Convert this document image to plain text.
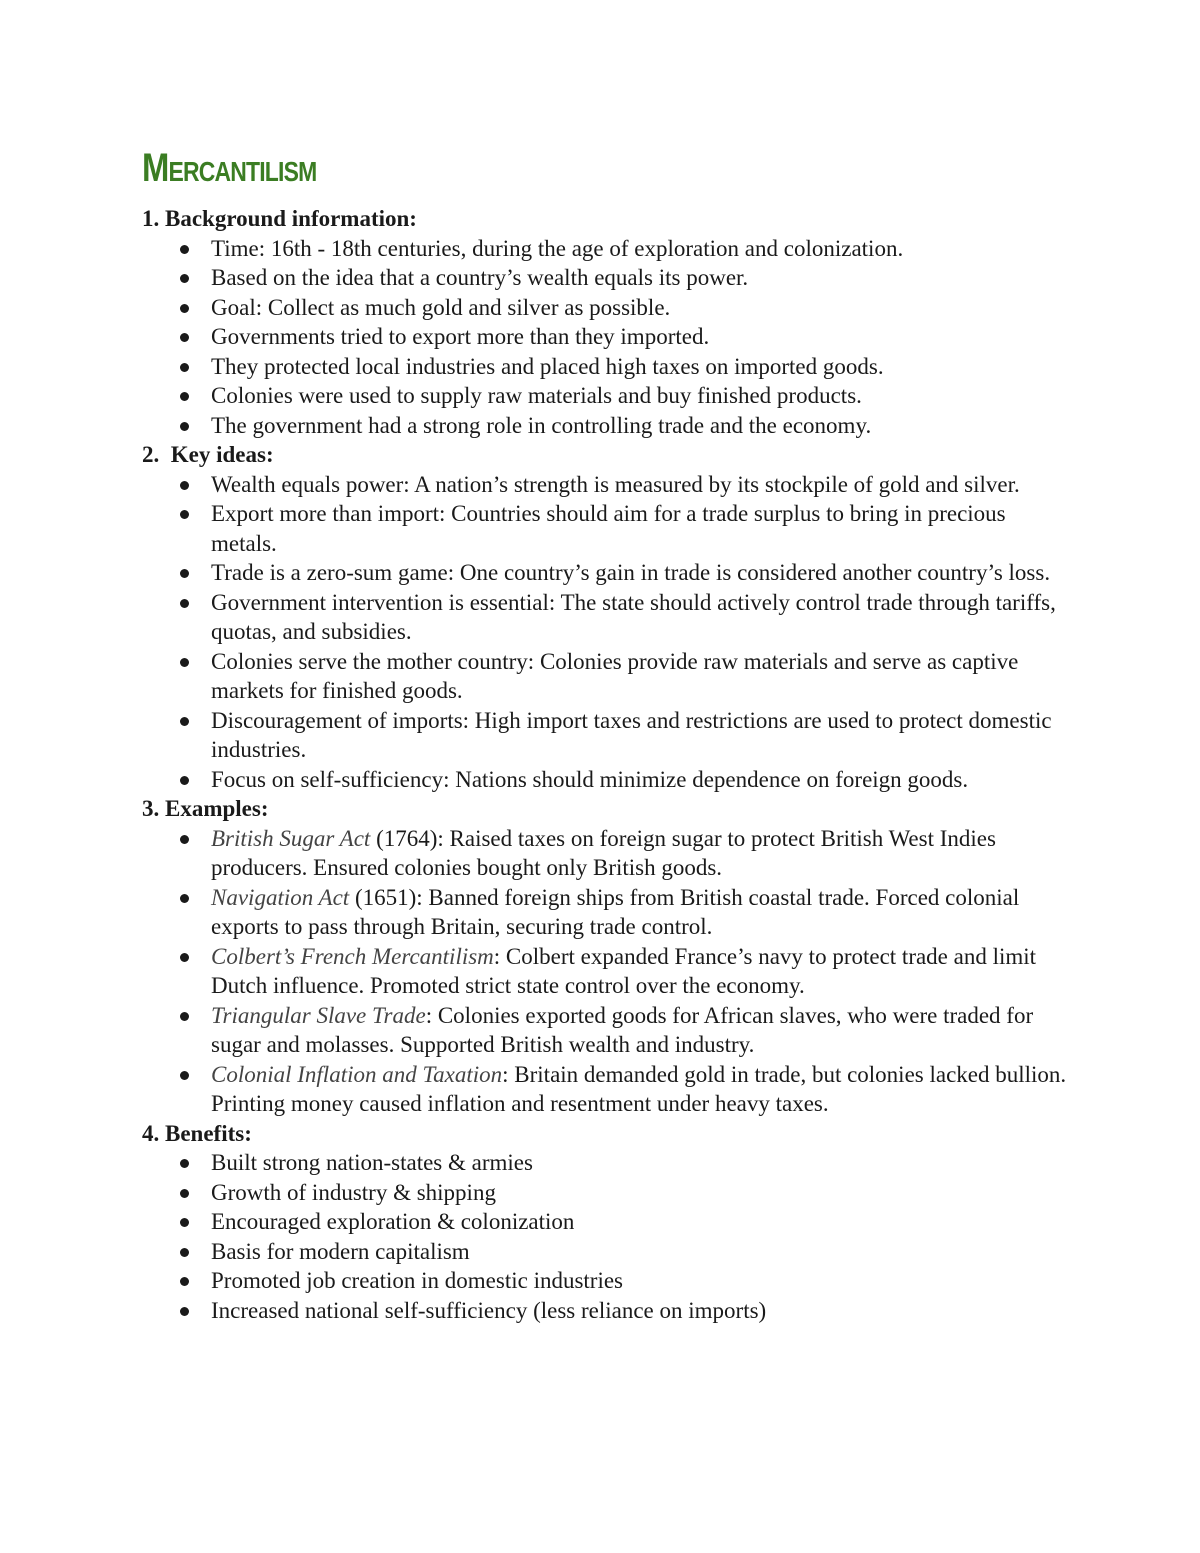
Mercantilism

1. Background information:

Time: 16th - 18th centuries, during the age of exploration and colonization.
Based on the idea that a country’s wealth equals its power.
Goal: Collect as much gold and silver as possible.
Governments tried to export more than they imported.
They protected local industries and placed high taxes on imported goods.
Colonies were used to supply raw materials and buy finished products.
The government had a strong role in controlling trade and the economy.

2.  Key ideas:

Wealth equals power: A nation’s strength is measured by its stockpile of gold and silver.
Export more than import: Countries should aim for a trade surplus to bring in precious metals.
Trade is a zero-sum game: One country’s gain in trade is considered another country’s loss.
Government intervention is essential: The state should actively control trade through tariffs, quotas, and subsidies.
Colonies serve the mother country: Colonies provide raw materials and serve as captive markets for finished goods.
Discouragement of imports: High import taxes and restrictions are used to protect domestic industries.
Focus on self-sufficiency: Nations should minimize dependence on foreign goods.

3. Examples:

British Sugar Act (1764): Raised taxes on foreign sugar to protect British West Indies producers. Ensured colonies bought only British goods.
Navigation Act (1651): Banned foreign ships from British coastal trade. Forced colonial exports to pass through Britain, securing trade control.
Colbert’s French Mercantilism: Colbert expanded France’s navy to protect trade and limit Dutch influence. Promoted strict state control over the economy.
Triangular Slave Trade: Colonies exported goods for African slaves, who were traded for sugar and molasses. Supported British wealth and industry.
Colonial Inflation and Taxation: Britain demanded gold in trade, but colonies lacked bullion. Printing money caused inflation and resentment under heavy taxes.

4. Benefits:

Built strong nation-states & armies
Growth of industry & shipping
Encouraged exploration & colonization
Basis for modern capitalism
Promoted job creation in domestic industries
Increased national self-sufficiency (less reliance on imports)
